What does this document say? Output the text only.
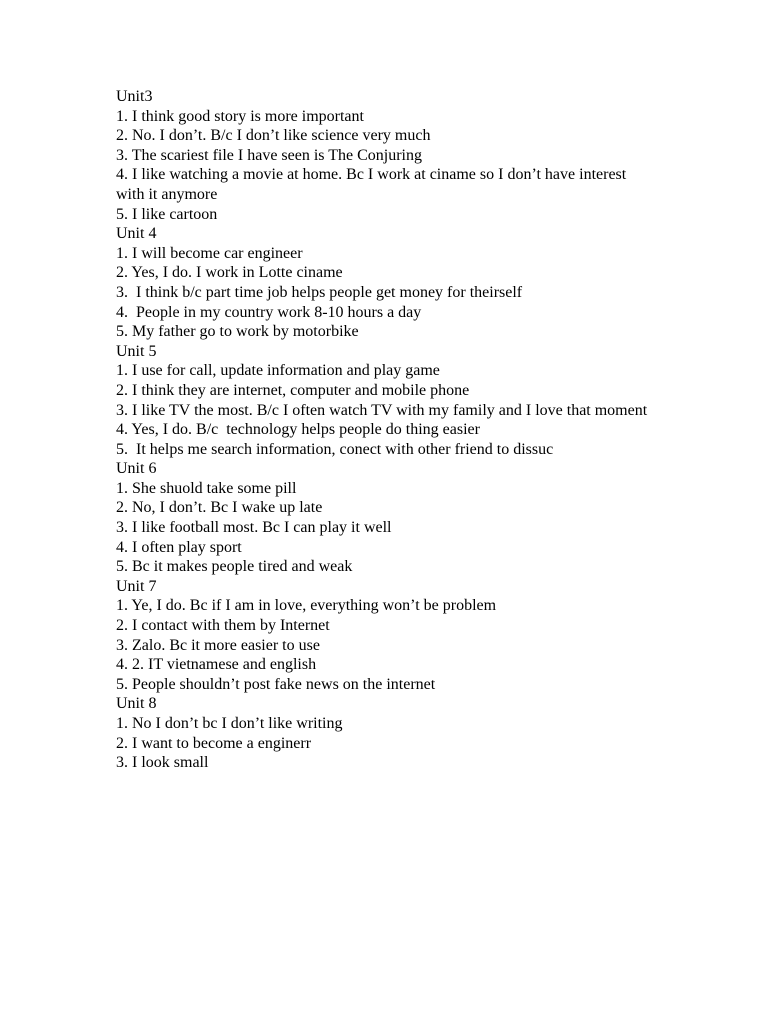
Unit3

1. I think good story is more important

2. No. I don’t. B/c I don’t like science very much

3. The scariest file I have seen is The Conjuring

4. I like watching a movie at home. Bc I work at ciname so I don’t have interest with it anymore

5. I like cartoon

Unit 4

1. I will become car engineer

2. Yes, I do. I work in Lotte ciname

3.  I think b/c part time job helps people get money for theirself

4.  People in my country work 8-10 hours a day

5. My father go to work by motorbike

Unit 5

1. I use for call, update information and play game

2. I think they are internet, computer and mobile phone

3. I like TV the most. B/c I often watch TV with my family and I love that moment

4. Yes, I do. B/c  technology helps people do thing easier

5.  It helps me search information, conect with other friend to dissuc

Unit 6

1. She shuold take some pill

2. No, I don’t. Bc I wake up late

3. I like football most. Bc I can play it well

4. I often play sport

5. Bc it makes people tired and weak

Unit 7

1. Ye, I do. Bc if I am in love, everything won’t be problem

2. I contact with them by Internet

3. Zalo. Bc it more easier to use

4. 2. IT vietnamese and english

5. People shouldn’t post fake news on the internet

Unit 8

1. No I don’t bc I don’t like writing

2. I want to become a enginerr

3. I look small
